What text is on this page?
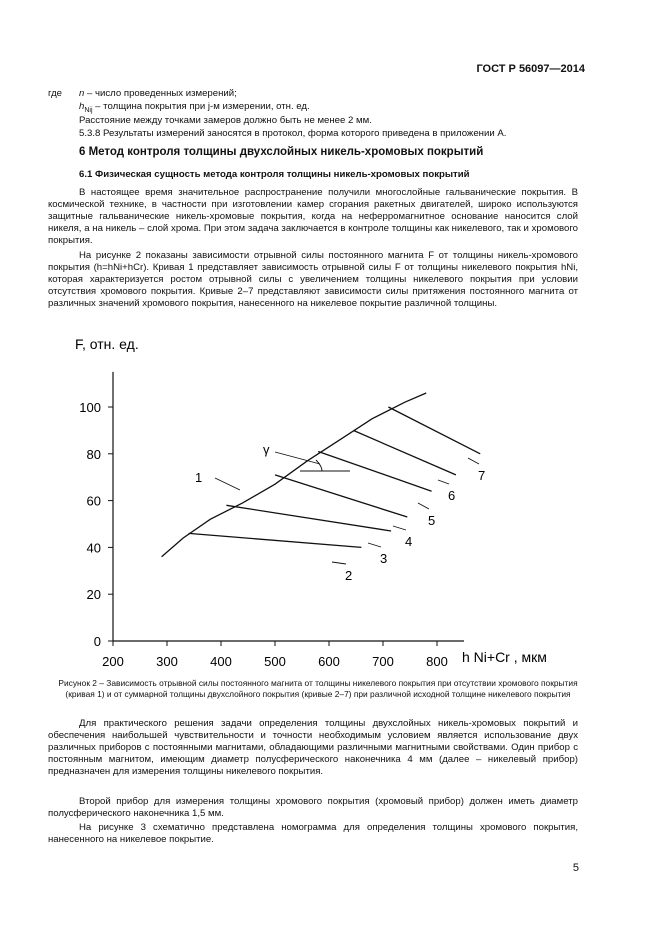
ГОСТ Р 56097—2014
где n – число проведенных измерений;
$h_{Nij}$ – толщина покрытия при j-м измерении, отн. ед.
Расстояние между точками замеров должно быть не менее 2 мм.
5.3.8 Результаты измерений заносятся в протокол, форма которого приведена в приложении А.
6 Метод контроля толщины двухслойных никель-хромовых покрытий
6.1 Физическая сущность метода контроля толщины никель-хромовых покрытий

В настоящее время значительное распространение получили многослойные гальванические покрытия. В космической технике, в частности при изготовлении камер сгорания ракетных двигателей, широко используются защитные гальванические никель-хромовые покрытия, когда на неферромагнитное основание наносится слой никеля, а на никель – слой хрома. При этом задача заключается в контроле толщины как никелевого, так и хромового покрытия.

На рисунке 2 показаны зависимости отрывной силы постоянного магнита F от толщины никель-хромового покрытия (h=hNi+hCr). Кривая 1 представляет зависимость отрывной силы F от толщины никелевого покрытия hNi, которая характеризуется ростом отрывной силы с увеличением толщины никелевого покрытия при условии отсутствия хромового покрытия. Кривые 2–7 представляют зависимости силы притяжения постоянного магнита от различных значений хромового покрытия, нанесенного на никелевое покрытие различной толщины.

200 300 400 500 600 700 800
0
20
40
60
80
100
F, отн. ед.
h Ni+Cr , мкм
1
2
3
4
5
6
7
γ

Рисунок 2 – Зависимость отрывной силы постоянного магнита от толщины никелевого покрытия при отсутствии хромового покрытия (кривая 1) и от суммарной толщины двухслойного покрытия (кривые 2–7) при различной исходной толщине никелевого покрытия

Для практического решения задачи определения толщины двухслойных никель-хромовых покрытий и обеспечения наибольшей чувствительности и точности необходимым условием является использование двух различных приборов с постоянными магнитами, обладающими различными магнитными свойствами. Один прибор с постоянным магнитом, имеющим диаметр полусферического наконечника 4 мм (далее – никелевый прибор) предназначен для измерения толщины никелевого покрытия.

Второй прибор для измерения толщины хромового покрытия (хромовый прибор) должен иметь диаметр полусферического наконечника 1,5 мм.

На рисунке 3 схематично представлена номограмма для определения толщины хромового покрытия, нанесенного на никелевое покрытие.

5
